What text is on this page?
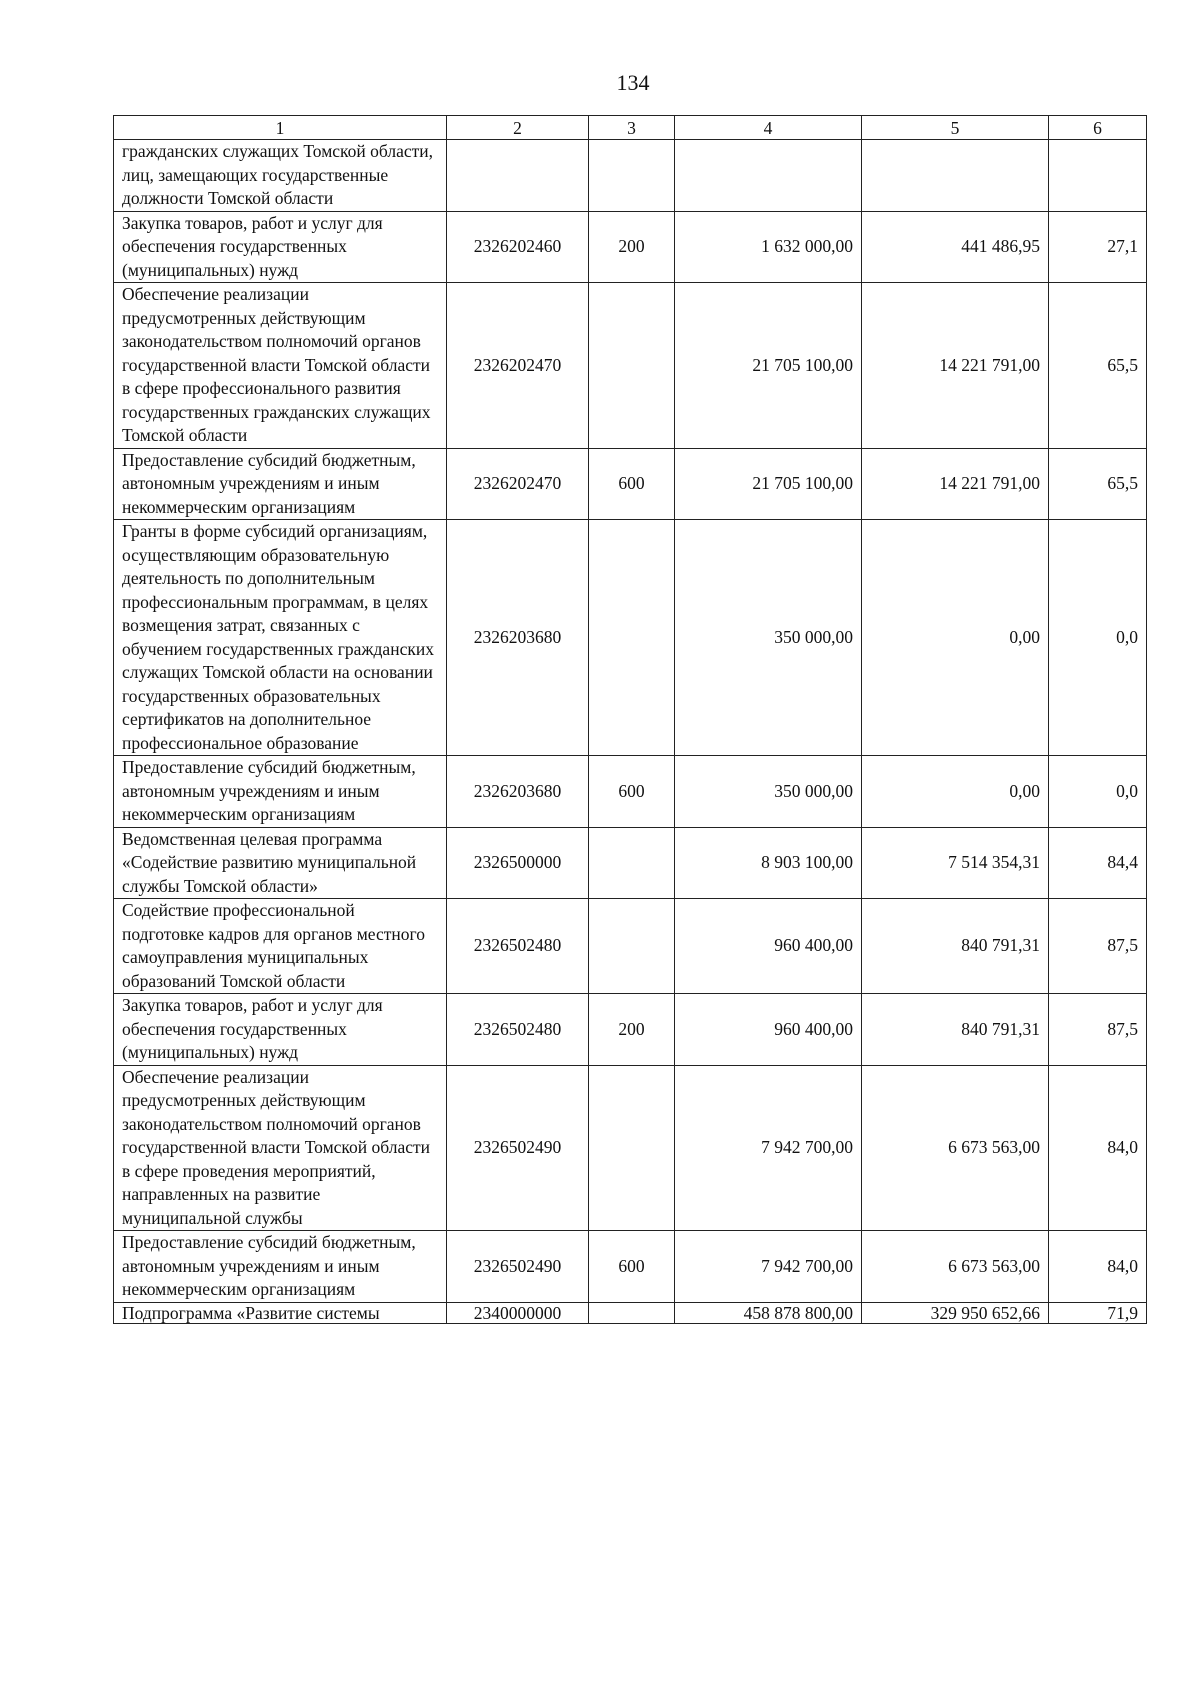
134
1	2	3	4	5	6
гражданских служащих Томской области, лиц, замещающих государственные должности Томской области					
Закупка товаров, работ и услуг для обеспечения государственных (муниципальных) нужд	2326202460	200	1 632 000,00	441 486,95	27,1
Обеспечение реализации предусмотренных действующим законодательством полномочий органов государственной власти Томской области в сфере профессионального развития государственных гражданских служащих Томской области	2326202470		21 705 100,00	14 221 791,00	65,5
Предоставление субсидий бюджетным, автономным учреждениям и иным некоммерческим организациям	2326202470	600	21 705 100,00	14 221 791,00	65,5
Гранты в форме субсидий организациям, осуществляющим образовательную деятельность по дополнительным профессиональным программам, в целях возмещения затрат, связанных с обучением государственных гражданских служащих Томской области на основании государственных образовательных сертификатов на дополнительное профессиональное образование	2326203680		350 000,00	0,00	0,0
Предоставление субсидий бюджетным, автономным учреждениям и иным некоммерческим организациям	2326203680	600	350 000,00	0,00	0,0
Ведомственная целевая программа «Содействие развитию муниципальной службы Томской области»	2326500000		8 903 100,00	7 514 354,31	84,4
Содействие профессиональной подготовке кадров для органов местного самоуправления муниципальных образований Томской области	2326502480		960 400,00	840 791,31	87,5
Закупка товаров, работ и услуг для обеспечения государственных (муниципальных) нужд	2326502480	200	960 400,00	840 791,31	87,5
Обеспечение реализации предусмотренных действующим законодательством полномочий органов государственной власти Томской области в сфере проведения мероприятий, направленных на развитие муниципальной службы	2326502490		7 942 700,00	6 673 563,00	84,0
Предоставление субсидий бюджетным, автономным учреждениям и иным некоммерческим организациям	2326502490	600	7 942 700,00	6 673 563,00	84,0
Подпрограмма «Развитие системы	2340000000		458 878 800,00	329 950 652,66	71,9
